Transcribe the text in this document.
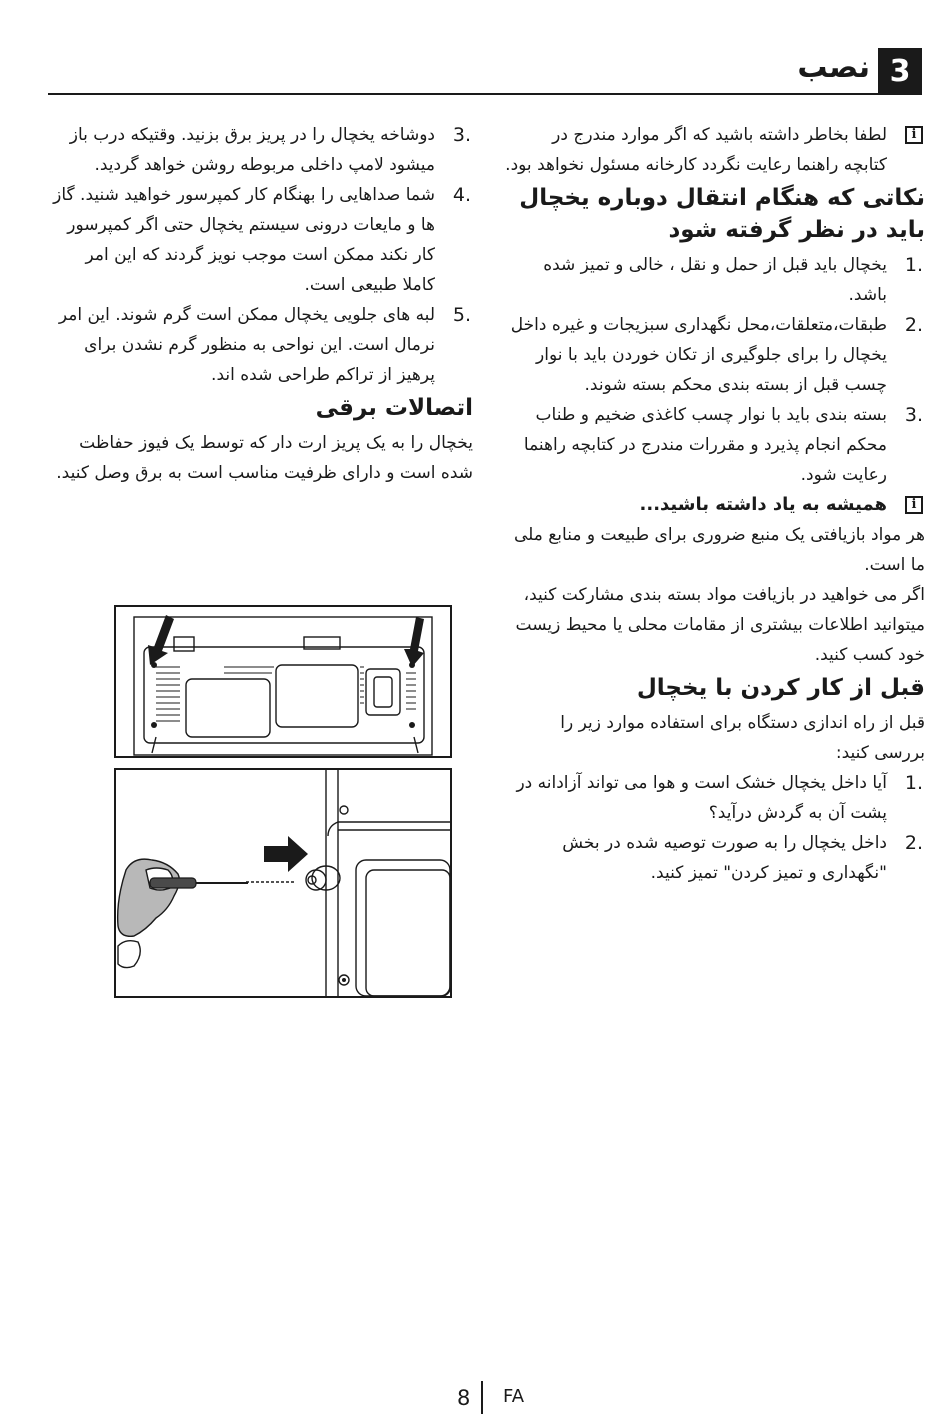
3
نصب
i

لطفا بخاطر داشته باشید که اگر موارد مندرج در کتابچه راهنما رعایت نگردد کارخانه مسئول نخواهد بود.

نکاتی که هنگام انتقال دوباره یخچال باید در نظر گرفته شود
1.

یخچال باید قبل از حمل و نقل ، خالی و تمیز شده باشد.

2.

طبقات،متعلقات،محل نگهداری سبزیجات و غیره داخل یخچال را برای جلوگیری از تکان خوردن باید با نوار چسب قبل از بسته بندی محکم بسته شوند.

3.

بسته بندی باید با نوار چسب کاغذی ضخیم و طناب محکم انجام پذیرد و مقررات مندرج در کتابچه راهنما رعایت شود.

i

همیشه به یاد داشته باشید...

هر مواد بازیافتی یک منبع ضروری برای طبیعت و منابع ملی ما است.

اگر می خواهید در بازیافت مواد بسته بندی مشارکت کنید، میتوانید اطلاعات بیشتری از مقامات محلی یا محیط زیست خود کسب کنید.

قبل از کار کردن با یخچال

قبل از راه اندازی دستگاه برای استفاده موارد زیر را بررسی کنید:

1.

آیا داخل یخچال خشک است و هوا می تواند آزادانه در پشت آن به گردش درآید؟

2.

داخل یخچال را به صورت توصیه شده در بخش "نگهداری و تمیز کردن" تمیز کنید.

3.

دوشاخه یخچال را در پریز برق بزنید. وقتیکه درب باز میشود لامپ داخلی مربوطه روشن خواهد گردید.

4.

شما صداهایی را بهنگام کار کمپرسور خواهید شنید. گاز ها و مایعات درونی سیستم یخچال حتی اگر کمپرسور کار نکند ممکن است موجب نویز گردند که این امر کاملا طبیعی است.

5.

لبه های جلویی یخچال ممکن است گرم شوند. این امر نرمال است. این نواحی به منظور گرم نشدن برای پرهیز از تراکم طراحی شده اند.

اتصالات برقی

یخچال را به یک پریز ارت دار که توسط یک فیوز حفاظت شده است و دارای ظرفیت مناسب است به برق وصل کنید.

8 FA
